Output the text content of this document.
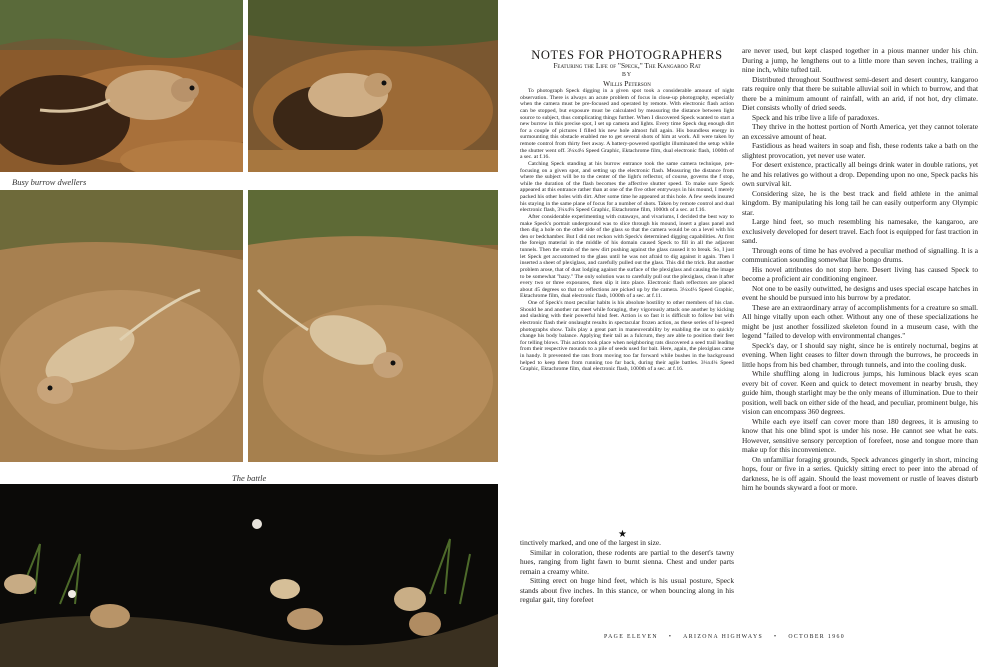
Busy burrow dwellers
The battle
NOTES FOR PHOTOGRAPHERS
Featuring the Life of "Speck," The Kangaroo Rat
BY
Willis Peterson

To photograph Speck digging in a given spot took a considerable amount of night observation. There is always an acute problem of focus in close-up photography, especially when the camera must be pre-focused and operated by remote. With electronic flash action can be stopped, but exposure must be calculated by measuring the distance between light source to subject, thus complicating things further. When I discovered Speck wanted to start a new burrow in this precise spot, I set up camera and lights. Every time Speck dug enough dirt for a couple of pictures I filled his new hole almost full again. His boundless energy in surmounting this obstacle enabled me to get several shots of him at work. All were taken by remote control from thirty feet away. A battery-powered spotlight illuminated the setup while the shutter went off. 3¼x4¼ Speed Graphic, Ektachrome film, dual electronic flash, 1000th of a sec. at f.16.

Catching Speck standing at his burrow entrance took the same camera technique, pre-focusing on a given spot, and setting up the electronic flash. Measuring the distance from where the subject will be to the center of the light's reflector, of course, governs the f stop, while the duration of the flash becomes the affective shutter speed. To make sure Speck appeared at this entrance rather than at one of the five other entryways in his mound, I merely packed his other holes with dirt. After some time he appeared at this hole. A few seeds insured his staying in the same plane of focus for a number of shots. Taken by remote control and dual electronic flash, 3¼x4¼ Speed Graphic, Ektachrome film, 1000th of a sec. at f.16.

After considerable experimenting with cutaways, and vivariums, I decided the best way to make Speck's portrait underground was to slice through his mound, insert a glass panel and then dig a hole on the other side of the glass so that the camera would be on a level with his den or bedchamber. But I did not reckon with Speck's determined digging capabilities. At first the foreign material in the middle of his domain caused Speck to fill in all the adjacent tunnels. Then the strain of the new dirt pushing against the glass caused it to break. So, I just let Speck get accustomed to the glass until he was not afraid to dig against it again. Then I inserted a sheet of plexiglass, and carefully pulled out the glass. This did the trick. But another problem arose, that of dust lodging against the surface of the plexiglass and causing the image to be somewhat "hazy." The only solution was to carefully pull out the plexiglass, clean it after every two or three exposures, then slip it into place. Electronic flash reflectors are placed about 45 degrees so that no reflections are picked up by the camera. 3¼x4¼ Speed Graphic, Ektachrome film, dual electronic flash, 1000th of a sec. at f.11.

One of Speck's most peculiar habits is his absolute hostility to other members of his clan. Should he and another rat meet while foraging, they vigorously attack one another by kicking and slashing with their powerful hind feet. Action is so fast it is difficult to follow but with electronic flash their onslaught results in spectacular frozen action, as these series of hi-speed photographs show. Tails play a great part in maneuverability by enabling the rat to quickly change his body balance. Applying their tail as a fulcrum, they are able to position their feet for telling blows. This action took place when neighboring rats discovered a seed trail leading from their respective mounds to a pile of seeds used for bait. Here, again, the plexiglass came in handy. It prevented the rats from moving too far forward while bushes in the background helped to keep them from running too far back, during their agile battles. 3¼x4¼ Speed Graphic, Ektachrome film, dual electronic flash, 1000th of a sec. at f.16.

★

tinctively marked, and one of the largest in size.

Similar in coloration, these rodents are partial to the desert's tawny hues, ranging from light fawn to burnt sienna. Chest and under parts remain a creamy white.

Sitting erect on huge hind feet, which is his usual posture, Speck stands about five inches. In this stance, or when bouncing along in his regular gait, tiny forefeet

are never used, but kept clasped together in a pious manner under his chin. During a jump, he lengthens out to a little more than seven inches, trailing a nine inch, white tufted tail.

Distributed throughout Southwest semi-desert and desert country, kangaroo rats require only that there be suitable alluvial soil in which to burrow, and that there be a minimum amount of rainfall, with an arid, if not hot, dry climate. Diet consists wholly of dried seeds.

Speck and his tribe live a life of paradoxes.

They thrive in the hottest portion of North America, yet they cannot tolerate an excessive amount of heat.

Fastidious as head waiters in soap and fish, these rodents take a bath on the slightest provocation, yet never use water.

For desert existence, practically all beings drink water in double rations, yet he and his relatives go without a drop. Depending upon no one, Speck packs his own survival kit.

Considering size, he is the best track and field athlete in the animal kingdom. By manipulating his long tail he can easily outperform any Olympic star.

Large hind feet, so much resembling his namesake, the kangaroo, are exclusively developed for desert travel. Each foot is equipped for fast traction in sand.

Through eons of time he has evolved a peculiar method of signalling. It is a communication sounding somewhat like bongo drums.

His novel attributes do not stop here. Desert living has caused Speck to become a proficient air conditioning engineer.

Not one to be easily outwitted, he designs and uses special escape hatches in event he should be pursued into his burrow by a predator.

These are an extraordinary array of accomplishments for a creature so small. All hinge vitally upon each other. Without any one of these specializations he might be just another fossilized skeleton found in a museum case, with the legend "failed to develop with environmental changes."

Speck's day, or I should say night, since he is entirely nocturnal, begins at evening. When light ceases to filter down through the burrows, he proceeds in little hops from his bed chamber, through tunnels, and into the cooling dusk.

While shuffling along in ludicrous jumps, his luminous black eyes scan every bit of cover. Keen and quick to detect movement in nearby brush, they guide him, though starlight may be the only means of illumination. Due to their position, well back on either side of the head, and peculiar, prominent bulge, his vision can encompass 360 degrees.

While each eye itself can cover more than 180 degrees, it is amusing to know that his one blind spot is under his nose. He cannot see what he eats. However, sensitive sensory perception of forefeet, nose and tongue more than make up for this inconvenience.

On unfamiliar foraging grounds, Speck advances gingerly in short, mincing hops, four or five in a series. Quickly sitting erect to peer into the abroad of darkness, he is off again. Should the least movement or rustle of leaves disturb him he bounds skyward a foot or more.

PAGE ELEVEN • ARIZONA HIGHWAYS • OCTOBER 1960
